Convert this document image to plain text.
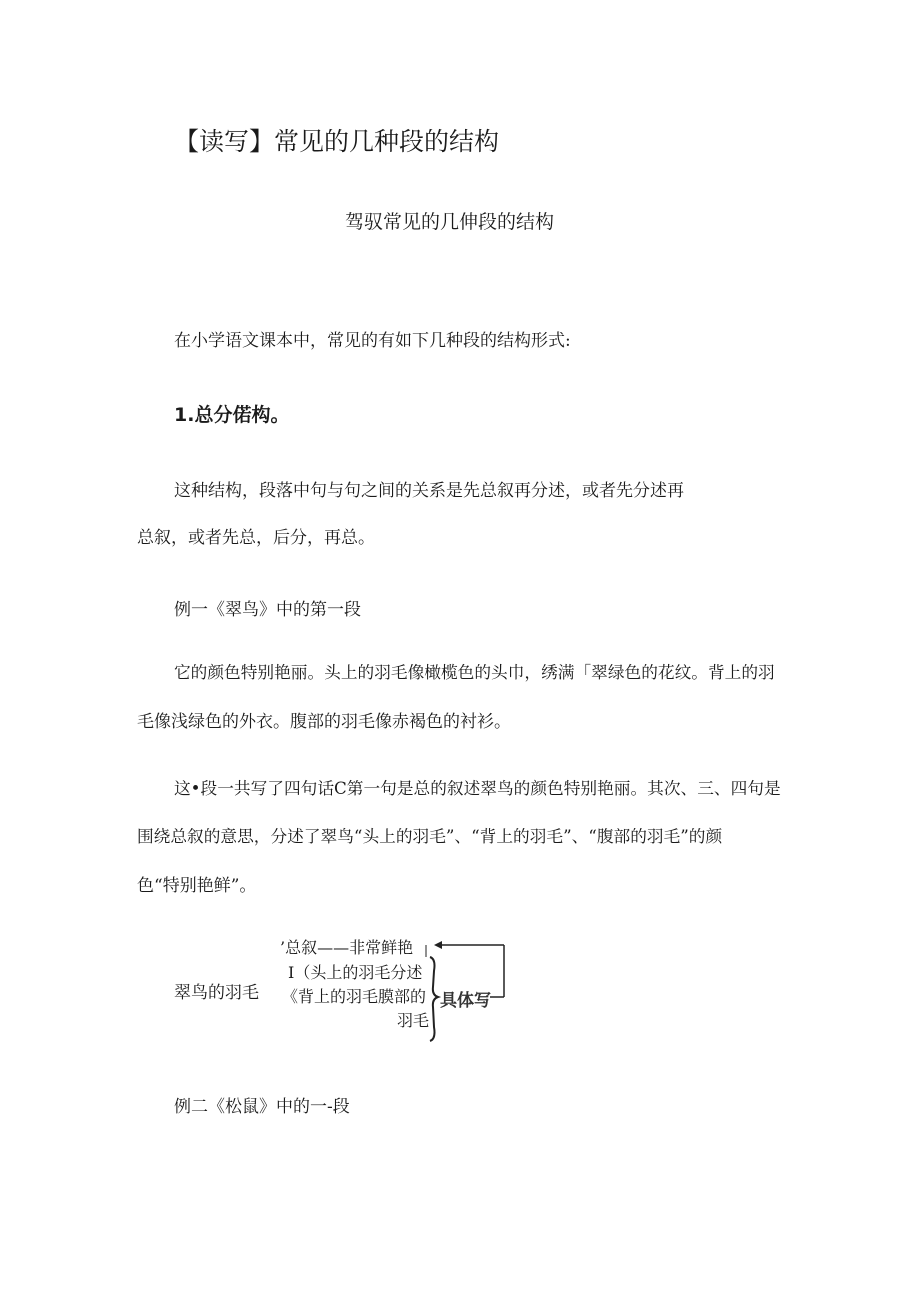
【读写】常见的几种段的结构
驾驭常见的几伸段的结构
在小学语文课本中，常见的有如下几种段的结构形式:
1.总分偌构。
这种结构，段落中句与句之间的关系是先总叙再分述，或者先分述再
总叙，或者先总，后分，再总。
例一《翠鸟》中的第一段
它的颜色特别艳丽。头上的羽毛像橄榄色的头巾，绣满「翠绿色的花纹。背上的羽
毛像浅绿色的外衣。腹部的羽毛像赤褐色的衬衫。
这•段一共写了四句话C第一句是总的叙述翠鸟的颜色特别艳丽。其次、三、四句是
围绕总叙的意思，分述了翠鸟“头上的羽毛”、“背上的羽毛”、“腹部的羽毛”的颜
色“特别艳鲜”。
翠鸟的羽毛
’总叙——非常鲜艳
I（头上的羽毛分述
《背上的羽毛膜部的
羽毛
具体写
例二《松鼠》中的一-段
